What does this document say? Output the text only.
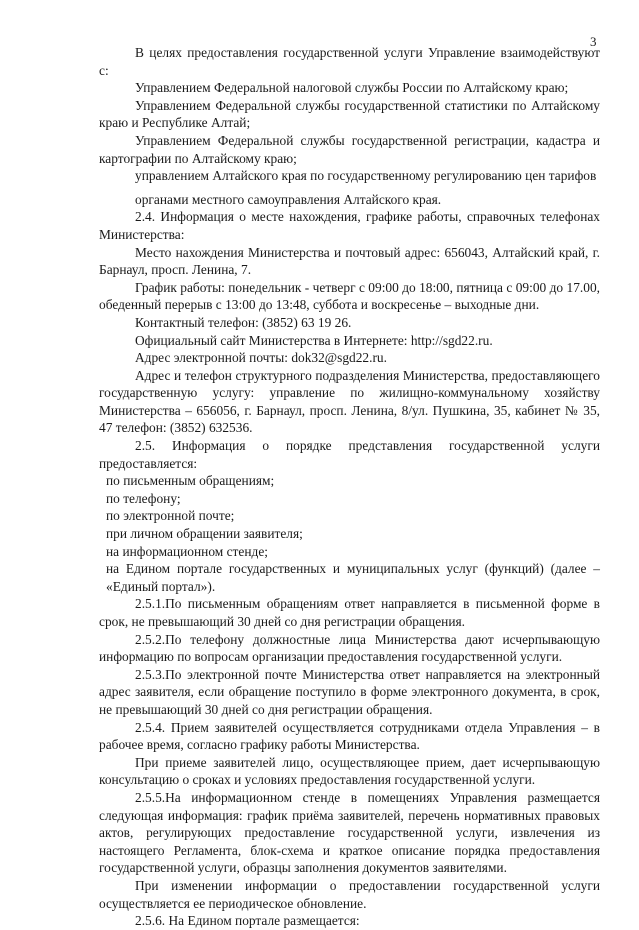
3

В целях предоставления государственной услуги Управление взаимодействуют с:

Управлением Федеральной налоговой службы России по Алтайскому краю;

Управлением Федеральной службы государственной статистики по Алтайскому краю и Республике Алтай;

Управлением Федеральной службы государственной регистрации, кадастра и картографии по Алтайскому краю;

управлением Алтайского края по государственному регулированию цен тарифов

органами местного самоуправления Алтайского края.

2.4. Информация о месте нахождения, графике работы, справочных телефонах Министерства:

Место нахождения Министерства и почтовый адрес: 656043, Алтайский край, г. Барнаул, просп. Ленина, 7.

График работы: понедельник - четверг с 09:00 до 18:00, пятница с 09:00 до 17.00, обеденный перерыв с 13:00 до 13:48, суббота и воскресенье – выходные дни.

Контактный телефон: (3852) 63 19 26.

Официальный сайт Министерства в Интернете: http://sgd22.ru.

Адрес электронной почты: dok32@sgd22.ru.

Адрес и телефон структурного подразделения Министерства, предоставляющего государственную услугу: управление по жилищно-коммунальному хозяйству Министерства – 656056, г. Барнаул, просп. Ленина, 8/ул. Пушкина, 35, кабинет № 35, 47 телефон: (3852) 632536.

2.5. Информация о порядке представления государственной услуги предоставляется:

по письменным обращениям;

по телефону;

по электронной почте;

при личном обращении заявителя;

на информационном стенде;

на Едином портале государственных и муниципальных услуг (функций) (далее – «Единый портал»).

2.5.1.По письменным обращениям ответ направляется в письменной форме в срок, не превышающий 30 дней со дня регистрации обращения.

2.5.2.По телефону должностные лица Министерства дают исчерпывающую информацию по вопросам организации предоставления государственной услуги.

2.5.3.По электронной почте Министерства ответ направляется на электронный адрес заявителя, если обращение поступило в форме электронного документа, в срок, не превышающий 30 дней со дня регистрации обращения.

2.5.4. Прием заявителей осуществляется сотрудниками отдела Управления – в рабочее время, согласно графику работы Министерства.

При приеме заявителей лицо, осуществляющее прием, дает исчерпывающую консультацию о сроках и условиях предоставления государственной услуги.

2.5.5.На информационном стенде в помещениях Управления размещается следующая информация: график приёма заявителей, перечень нормативных правовых актов, регулирующих предоставление государственной услуги, извлечения из настоящего Регламента, блок-схема и краткое описание порядка предоставления государственной услуги, образцы заполнения документов заявителями.

При изменении информации о предоставлении государственной услуги осуществляется ее периодическое обновление.

2.5.6. На Едином портале размещается:
